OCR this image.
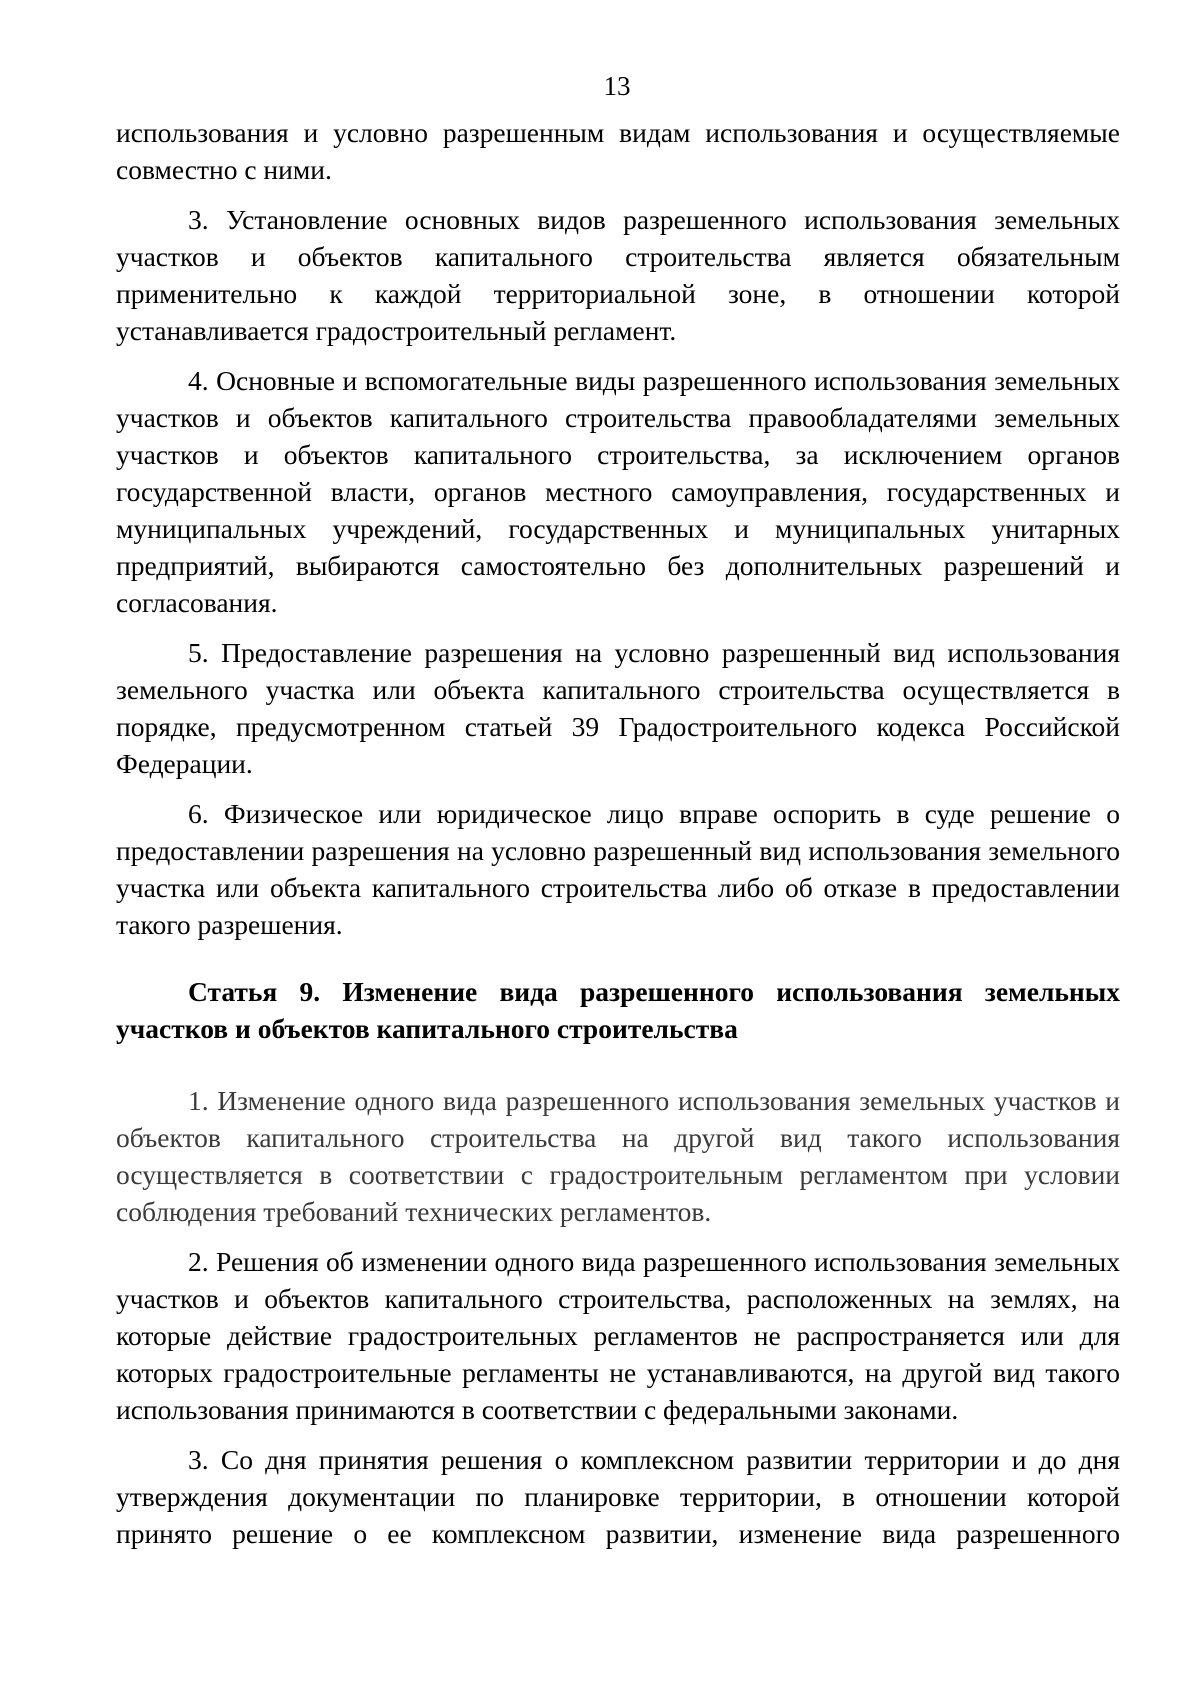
13

использования и условно разрешенным видам использования и осуществляемые совместно с ними.

3. Установление основных видов разрешенного использования земельных участков и объектов капитального строительства является обязательным применительно к каждой территориальной зоне, в отношении которой устанавливается градостроительный регламент.

4. Основные и вспомогательные виды разрешенного использования земельных участков и объектов капитального строительства правообладателями земельных участков и объектов капитального строительства, за исключением органов государственной власти, органов местного самоуправления, государственных и муниципальных учреждений, государственных и муниципальных унитарных предприятий, выбираются самостоятельно без дополнительных разрешений и согласования.

5. Предоставление разрешения на условно разрешенный вид использования земельного участка или объекта капитального строительства осуществляется в порядке, предусмотренном статьей 39 Градостроительного кодекса Российской Федерации.

6. Физическое или юридическое лицо вправе оспорить в суде решение о предоставлении разрешения на условно разрешенный вид использования земельного участка или объекта капитального строительства либо об отказе в предоставлении такого разрешения.

Статья 9. Изменение вида разрешенного использования земельных участков и объектов капитального строительства

1. Изменение одного вида разрешенного использования земельных участков и объектов капитального строительства на другой вид такого использования осуществляется в соответствии с градостроительным регламентом при условии соблюдения требований технических регламентов.

2. Решения об изменении одного вида разрешенного использования земельных участков и объектов капитального строительства, расположенных на землях, на которые действие градостроительных регламентов не распространяется или для которых градостроительные регламенты не устанавливаются, на другой вид такого использования принимаются в соответствии с федеральными законами.

3. Со дня принятия решения о комплексном развитии территории и до дня утверждения документации по планировке территории, в отношении которой принято решение о ее комплексном развитии, изменение вида разрешенного
